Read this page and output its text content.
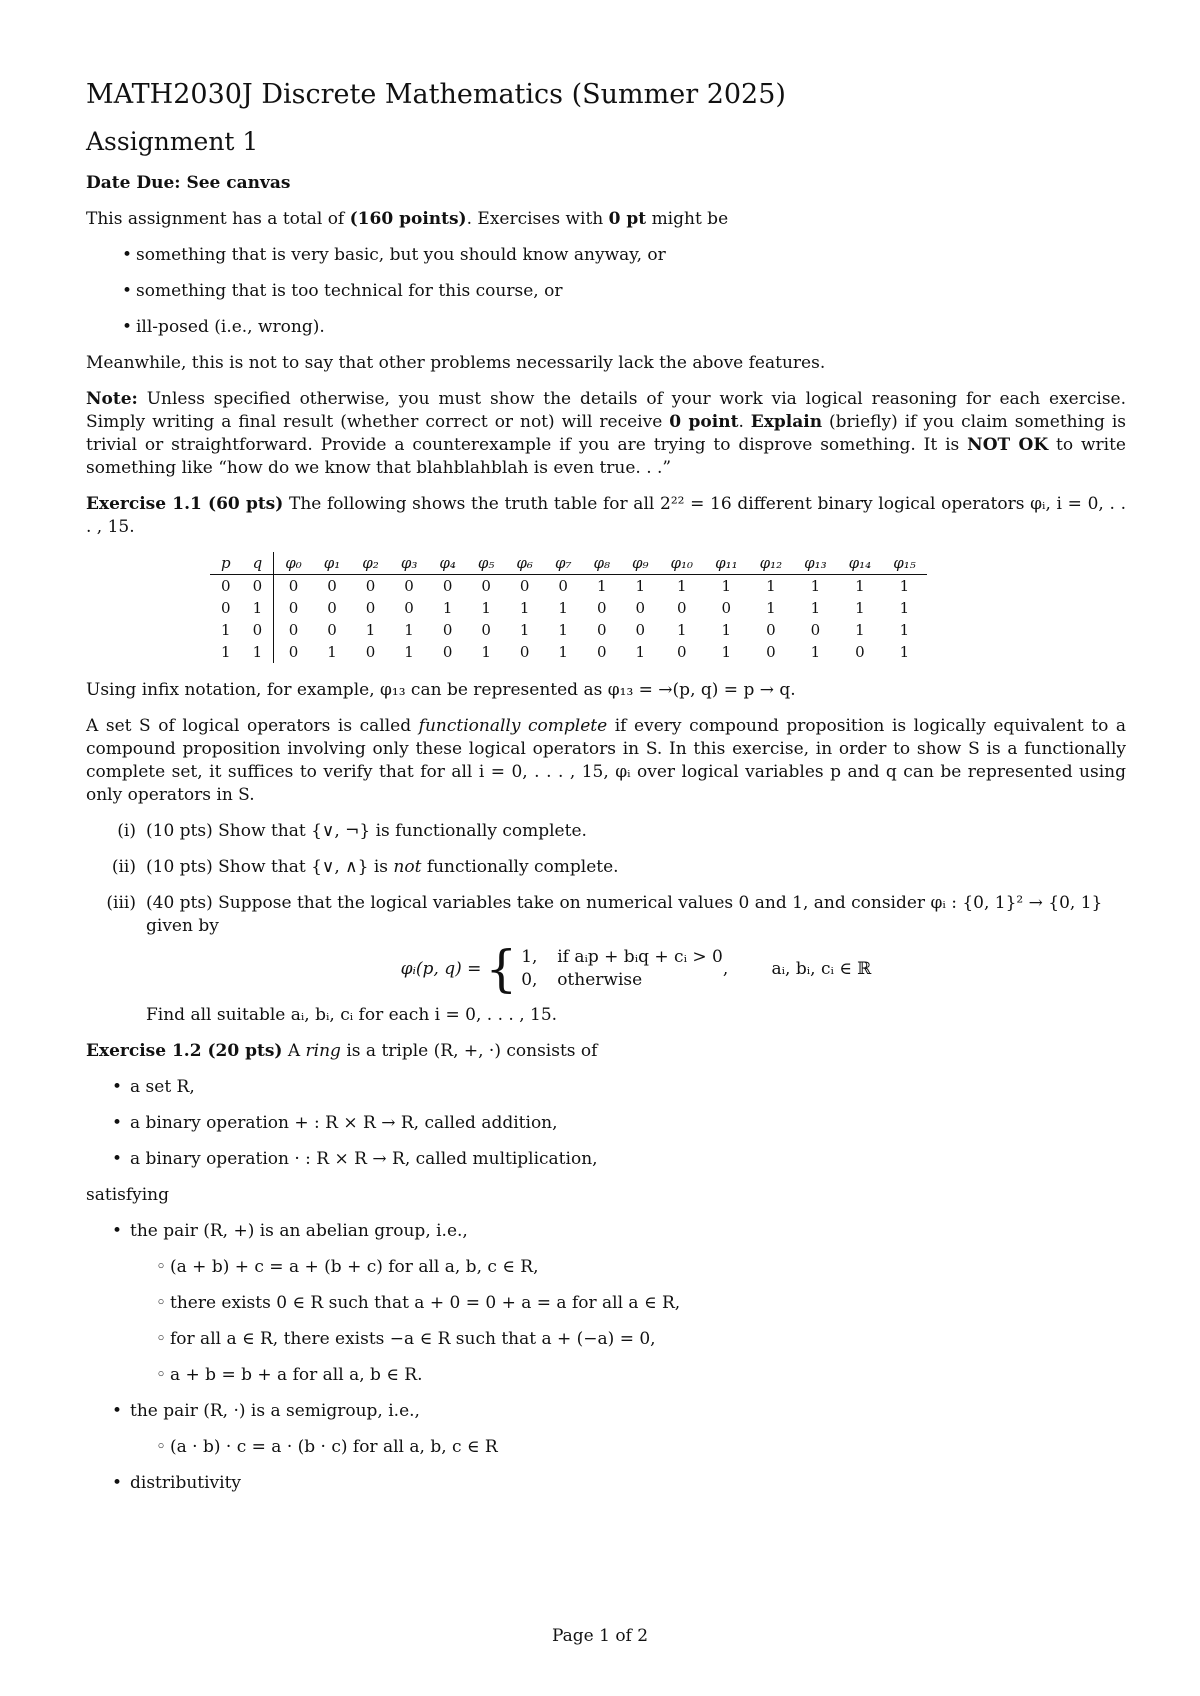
MATH2030J Discrete Mathematics (Summer 2025)
Assignment 1

Date Due: See canvas

This assignment has a total of (160 points). Exercises with 0 pt might be

• something that is very basic, but you should know anyway, or
• something that is too technical for this course, or
• ill-posed (i.e., wrong).

Meanwhile, this is not to say that other problems necessarily lack the above features.

Note: Unless specified otherwise, you must show the details of your work via logical reasoning for each exercise. Simply writing a final result (whether correct or not) will receive 0 point. Explain (briefly) if you claim something is trivial or straightforward. Provide a counterexample if you are trying to disprove something. It is NOT OK to write something like “how do we know that blahblahblah is even true. . .”

Exercise 1.1 (60 pts) The following shows the truth table for all 2²² = 16 different binary logical operators φᵢ, i = 0, . . . , 15.

p	q	φ₀	φ₁	φ₂	φ₃	φ₄	φ₅	φ₆	φ₇	φ₈	φ₉	φ₁₀	φ₁₁	φ₁₂	φ₁₃	φ₁₄	φ₁₅
0	0	0	0	0	0	0	0	0	0	1	1	1	1	1	1	1	1
0	1	0	0	0	0	1	1	1	1	0	0	0	0	1	1	1	1
1	0	0	0	1	1	0	0	1	1	0	0	1	1	0	0	1	1
1	1	0	1	0	1	0	1	0	1	0	1	0	1	0	1	0	1

Using infix notation, for example, φ₁₃ can be represented as φ₁₃ = →(p, q) = p → q.

A set S of logical operators is called functionally complete if every compound proposition is logically equivalent to a compound proposition involving only these logical operators in S. In this exercise, in order to show S is a functionally complete set, it suffices to verify that for all i = 0, . . . , 15, φᵢ over logical variables p and q can be represented using only operators in S.

(i) (10 pts) Show that {∨, ¬} is functionally complete.
(ii) (10 pts) Show that {∨, ∧} is not functionally complete.
(iii) (40 pts) Suppose that the logical variables take on numerical values 0 and 1, and consider φᵢ : {0, 1}² → {0, 1} given by
φᵢ(p, q) = { 1, if aᵢp + bᵢq + cᵢ > 0
0, otherwise
,        aᵢ, bᵢ, cᵢ ∈ ℝ
Find all suitable aᵢ, bᵢ, cᵢ for each i = 0, . . . , 15.

Exercise 1.2 (20 pts) A ring is a triple (R, +, ·) consists of

• a set R,
• a binary operation + : R × R → R, called addition,
• a binary operation · : R × R → R, called multiplication,

satisfying

• the pair (R, +) is an abelian group, i.e.,
◦ (a + b) + c = a + (b + c) for all a, b, c ∈ R,
◦ there exists 0 ∈ R such that a + 0 = 0 + a = a for all a ∈ R,
◦ for all a ∈ R, there exists −a ∈ R such that a + (−a) = 0,
◦ a + b = b + a for all a, b ∈ R.
• the pair (R, ·) is a semigroup, i.e.,
◦ (a · b) · c = a · (b · c) for all a, b, c ∈ R
• distributivity
Page 1 of 2
